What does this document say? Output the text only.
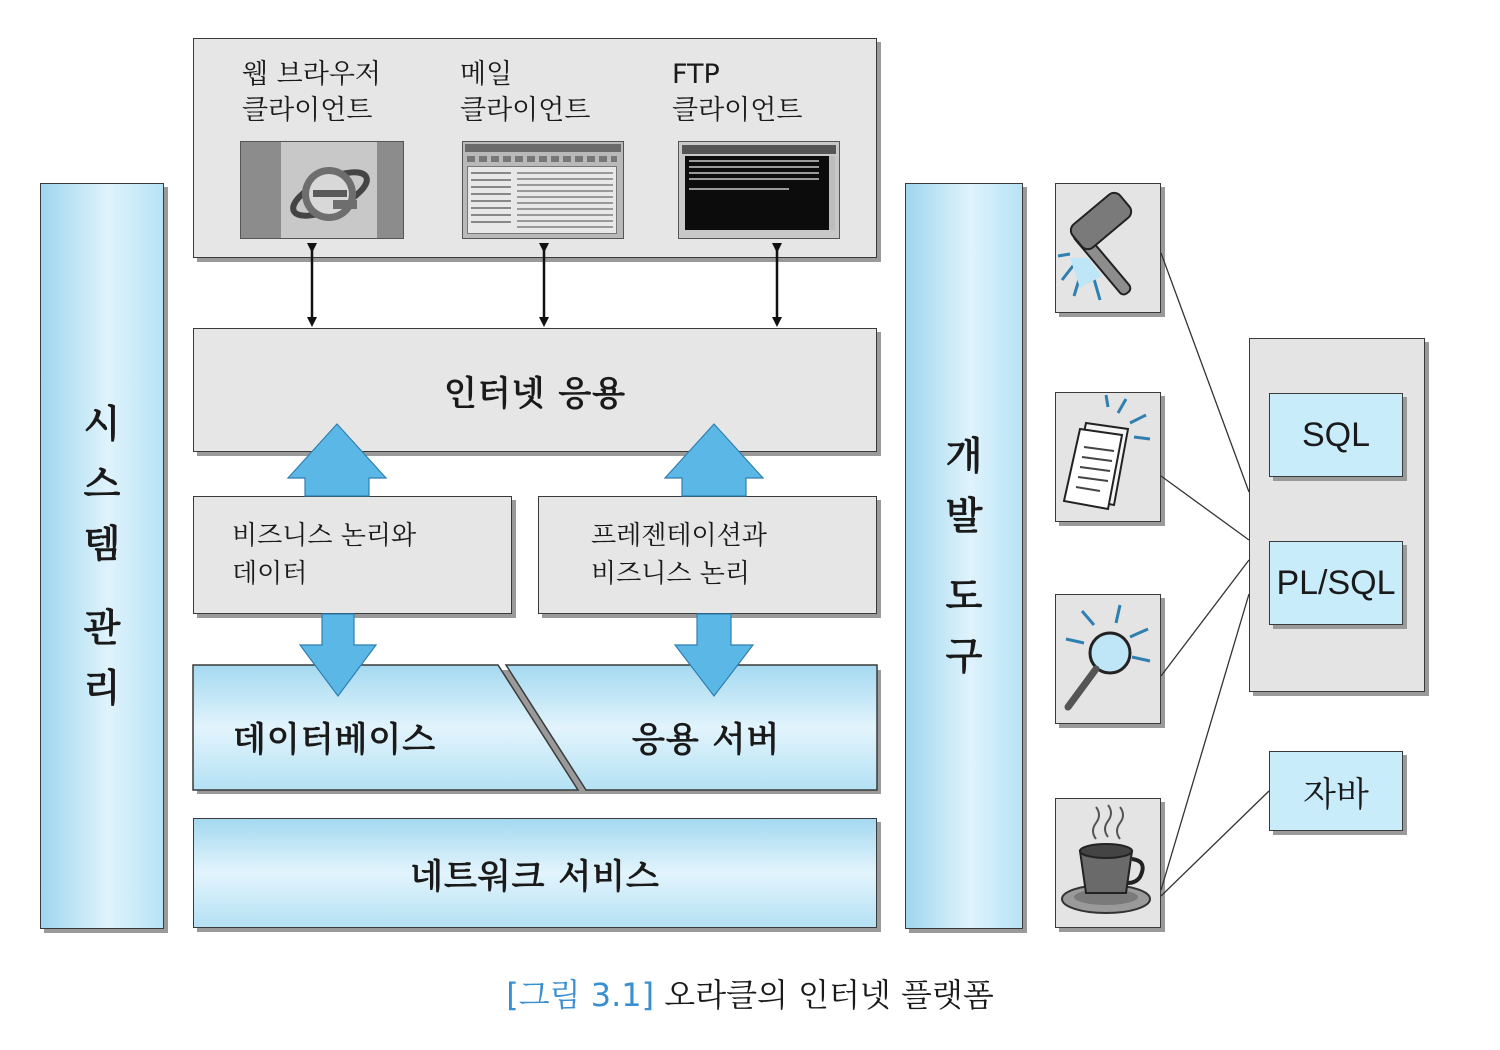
시
스
템
관
리
웹 브라우저
클라이언트
메일
클라이언트
FTP
클라이언트
인터넷 응용
비즈니스 논리와
데이터
프레젠테이션과
비즈니스 논리
데이터베이스	응용 서버
네트워크 서비스
개
발
도
구
SQL
PL/SQL
자바
[그림 3.1] 오라클의 인터넷 플랫폼
